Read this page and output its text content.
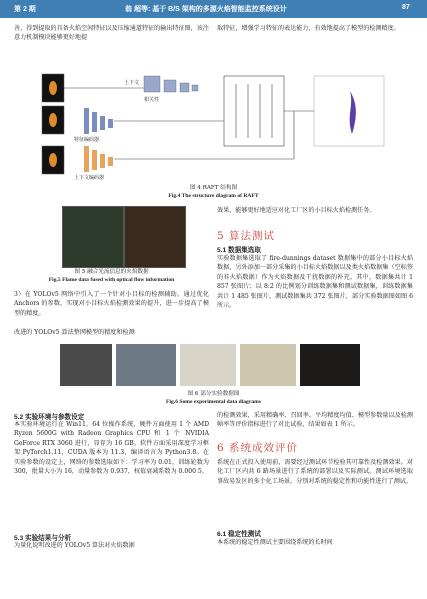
第 2 期	翁 超等: 基于 B/S 架构的多源火焰智能监控系统设计	87

善，得到提取的具备火焰空间特征以及压缩通道特征的输出特征图，该注意力机制模块能够更好地提

取特征，增强学习特征的表达能力，有效地提高了模型的检测精度。

上下文
相关性
特征编码器
上下文编码器

图 4 RAFT 结构图

Fig.4 The structure diagram of RAFT

图 5 融合光流信息的火焰数据

Fig.5 Flame data fused with optical flow information

3）在 YOLOv5 网络中引入了一个针对小目标的检测辅助。通过优化 Anchors 的参数，实现对小目标火焰检测效果的提升，进一步提高了模型的精度。

改进的 YOLOv5 算法整网模型的精度和检测

效果，能够更好地适应对化工厂区的小目标火焰检测任务。

5 算法测试

5.1 数据集选取

实验数据集选取了 fire-dunnings dataset 数据集中的部分小目标火焰数据，另外添加一部分采集的小目标火焰数据以及类火焰数据集（空标签的非火焰数据）作为火焰数据及干扰数据的补充。其中，数据集共计 1 857 张图片；以 8:2 的比例划分训练数据集和测试数据集，训练数据集共计 1 485 张图片，测试数据集共 372 张图片，部分实验数据图如图 6 所示。

图 6 部分实验数据图

Fig.6 Some experimental data diagrams

5.2 实验环境与参数设定

本实验环境运行在 Win11，64 位操作系统，硬件方面使用 1 个 AMD Ryzen 5600G with Radeon Graphics CPU 和 1 个 NVIDIA GeForce RTX 3060 进行，显存为 16 GB。软件方面采用深度学习框架 PyTorch1.11，CUDA 版本为 11.3，编译语言为 Python3.8。在实验参数的设定上，网络的参数选取如下：学习率为 0.01，训练轮数为 300，批量大小为 16，动量参数为 0.937，权值衰减系数为 0.000 5。

5.3 实验结果与分析

为量化说明改进的 YOLOv5 算法对火焰数据

的检测效果，采用精确率、召回率、平均精度均值、模型参数量以及检测帧率等评价指标进行了对比试验，结果如表 1 所示。

6 系统成效评价

系统在正式投入使用前，需要经过测试环节检验其可靠性及检测效果。对化工厂区内共 6 路场景进行了系统的部署以及实际测试。测试环境选取事故易发区的多个化工场景，分别对系统的稳定性和功能性进行了测试。

6.1 稳定性测试

本系统的稳定性测试主要围绕系统的长时间
